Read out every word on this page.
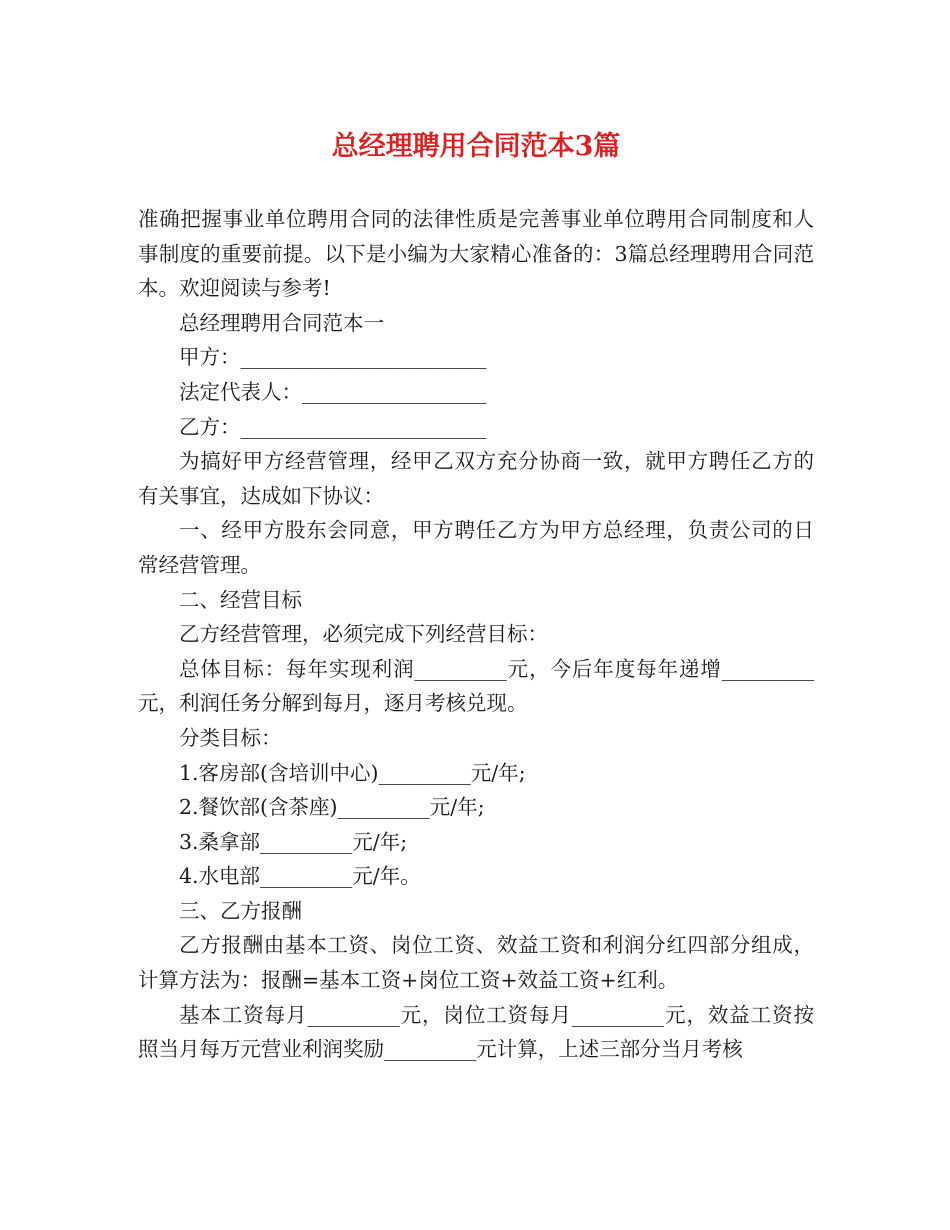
总经理聘用合同范本3篇

准确把握事业单位聘用合同的法律性质是完善事业单位聘用合同制度和人事制度的重要前提。以下是小编为大家精心准备的：3篇总经理聘用合同范本。欢迎阅读与参考!

总经理聘用合同范本一

甲方：________________________

法定代表人：__________________

乙方：________________________

为搞好甲方经营管理，经甲乙双方充分协商一致，就甲方聘任乙方的有关事宜，达成如下协议：

一、经甲方股东会同意，甲方聘任乙方为甲方总经理，负责公司的日常经营管理。

二、经营目标

乙方经营管理，必须完成下列经营目标：

总体目标：每年实现利润_________元，今后年度每年递增_________元，利润任务分解到每月，逐月考核兑现。

分类目标：

1.客房部(含培训中心)_________元/年;

2.餐饮部(含茶座)_________元/年;

3.桑拿部_________元/年;

4.水电部_________元/年。

三、乙方报酬

乙方报酬由基本工资、岗位工资、效益工资和利润分红四部分组成，计算方法为：报酬=基本工资+岗位工资+效益工资+红利。

基本工资每月_________元，岗位工资每月_________元，效益工资按照当月每万元营业利润奖励_________元计算，上述三部分当月考核
